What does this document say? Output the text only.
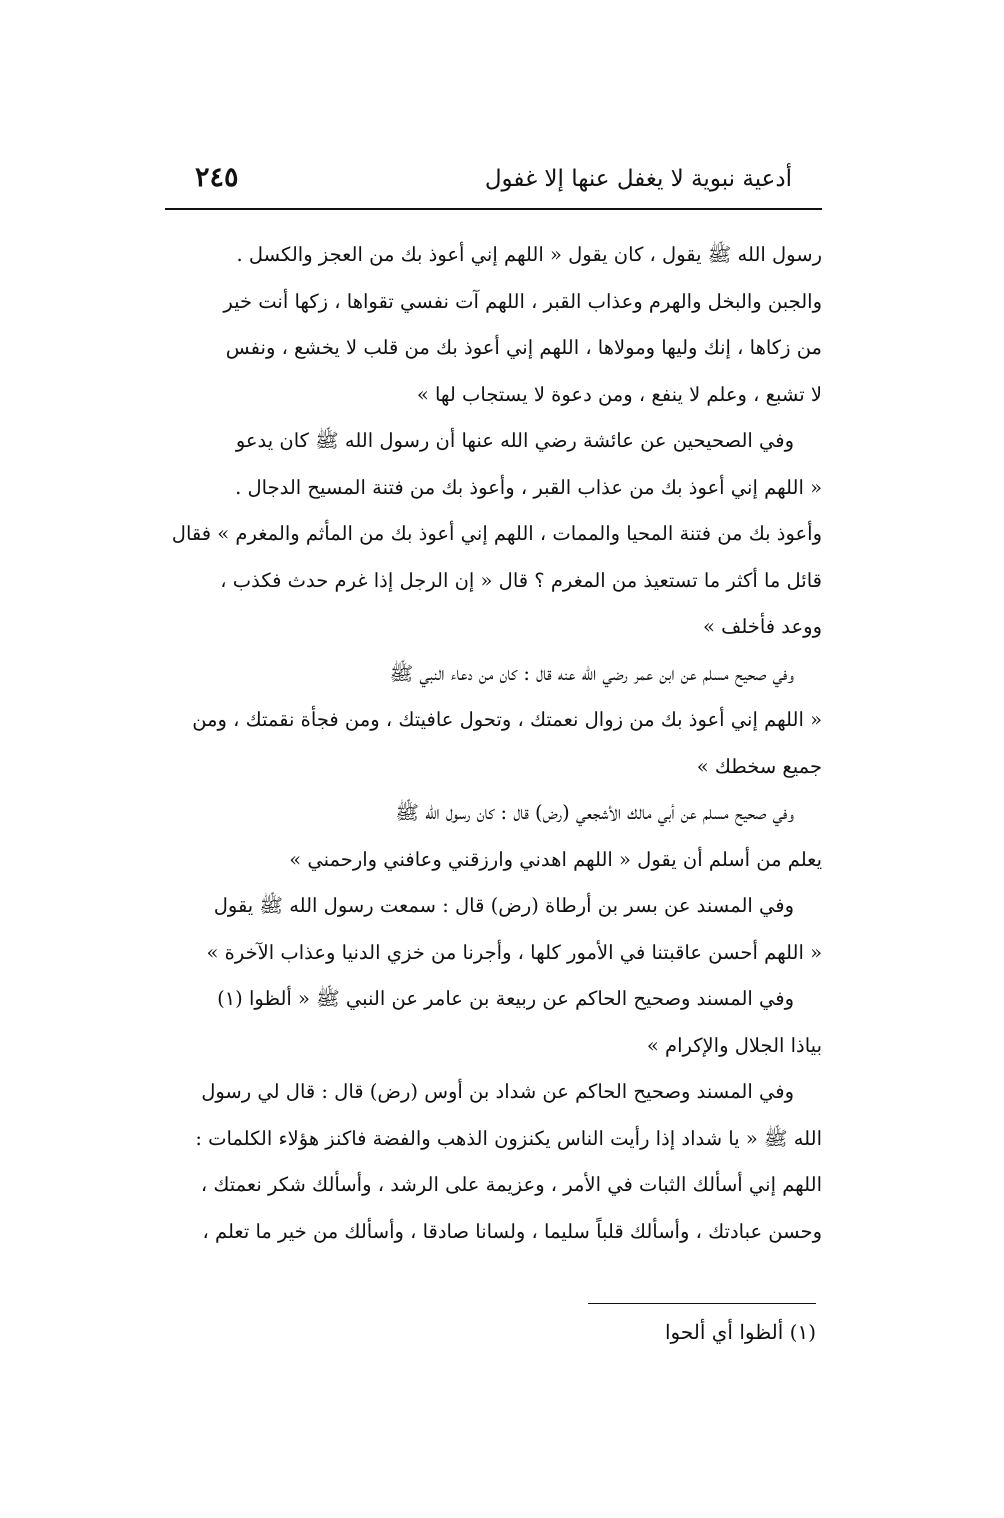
أدعية نبوية لا يغفل عنها إلا غفول
٢٤٥
رسول الله ﷺ يقول ، كان يقول « اللهم إني أعوذ بك من العجز والكسل .
والجبن والبخل والهرم وعذاب القبر ، اللهم آت نفسي تقواها ، زكها أنت خير
من زكاها ، إنك وليها ومولاها ، اللهم إني أعوذ بك من قلب لا يخشع ، ونفس
لا تشبع ، وعلم لا ينفع ، ومن دعوة لا يستجاب لها »
وفي الصحيحين عن عائشة رضي الله عنها أن رسول الله ﷺ كان يدعو
« اللهم إني أعوذ بك من عذاب القبر ، وأعوذ بك من فتنة المسيح الدجال .
وأعوذ بك من فتنة المحيا والممات ، اللهم إني أعوذ بك من المأثم والمغرم » فقال
قائل ما أكثر ما تستعيذ من المغرم ؟ قال « إن الرجل إذا غرم حدث فكذب ،
ووعد فأخلف »
وفي صحيح مسلم عن ابن عمر رضي الله عنه قال : كان من دعاء النبي ﷺ
« اللهم إني أعوذ بك من زوال نعمتك ، وتحول عافيتك ، ومن فجأة نقمتك ، ومن
جميع سخطك »
وفي صحيح مسلم عن أبي مالك الأشجعي (رض) قال : كان رسول الله ﷺ
يعلم من أسلم أن يقول « اللهم اهدني وارزقني وعافني وارحمني »
وفي المسند عن بسر بن أرطاة (رض) قال : سمعت رسول الله ﷺ يقول
« اللهم أحسن عاقبتنا في الأمور كلها ، وأجرنا من خزي الدنيا وعذاب الآخرة »
وفي المسند وصحيح الحاكم عن ربيعة بن عامر عن النبي ﷺ « ألظوا (١)
بياذا الجلال والإكرام »
وفي المسند وصحيح الحاكم عن شداد بن أوس (رض) قال : قال لي رسول
الله ﷺ « يا شداد إذا رأيت الناس يكنزون الذهب والفضة فاكنز هؤلاء الكلمات :
اللهم إني أسألك الثبات في الأمر ، وعزيمة على الرشد ، وأسألك شكر نعمتك ،
وحسن عبادتك ، وأسألك قلباً سليما ، ولسانا صادقا ، وأسألك من خير ما تعلم ،
(١) ألظوا أي ألحوا
